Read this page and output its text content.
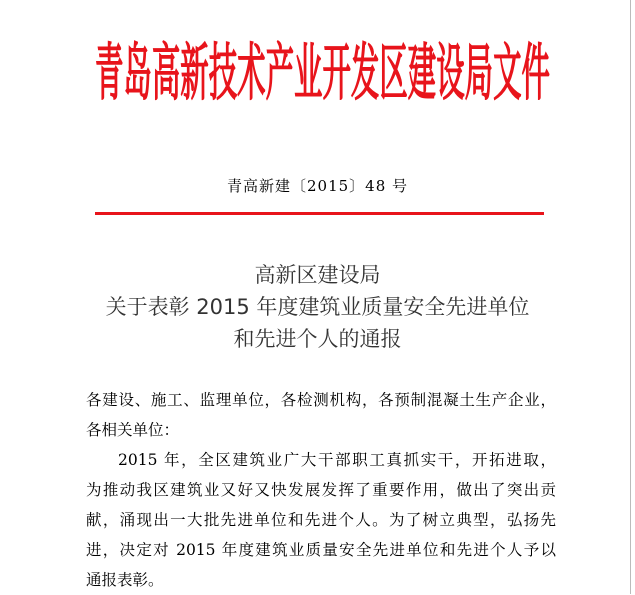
青岛高新技术产业开发区建设局文件
青高新建〔2015〕48 号
高新区建设局
关于表彰 2015 年度建筑业质量安全先进单位
和先进个人的通报
各建设、施工、监理单位，各检测机构，各预制混凝土生产企业，
各相关单位：
2015 年，全区建筑业广大干部职工真抓实干，开拓进取，
为推动我区建筑业又好又快发展发挥了重要作用，做出了突出贡
献，涌现出一大批先进单位和先进个人。为了树立典型，弘扬先
进，决定对 2015 年度建筑业质量安全先进单位和先进个人予以
通报表彰。
